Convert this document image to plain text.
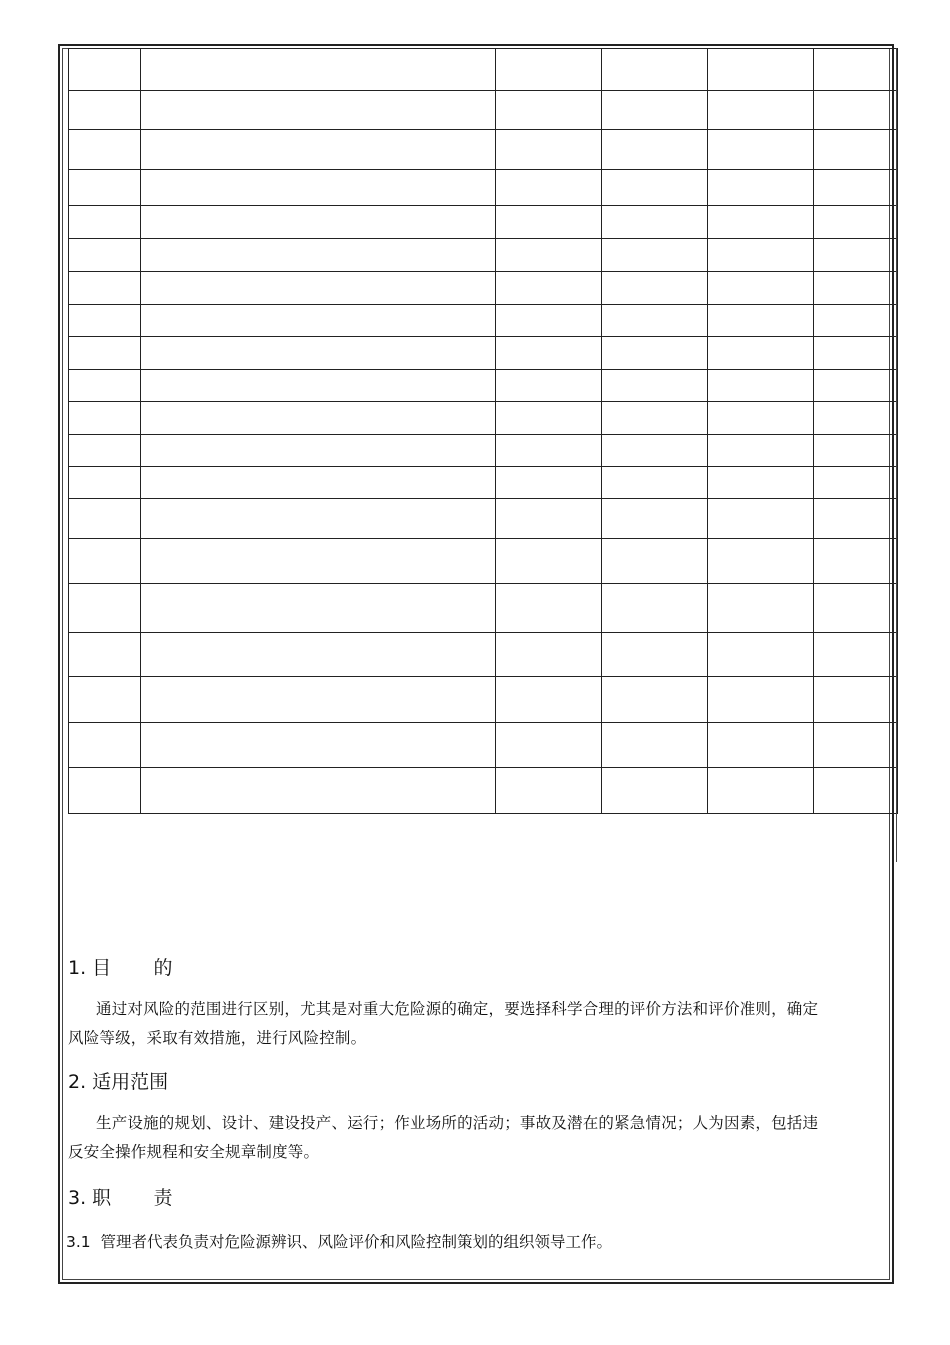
1. 目       的
通过对风险的范围进行区别，尤其是对重大危险源的确定，要选择科学合理的评价方法和评价准则，确定风险等级，采取有效措施，进行风险控制。
2. 适用范围
生产设施的规划、设计、建设投产、运行；作业场所的活动；事故及潜在的紧急情况；人为因素，包括违反安全操作规程和安全规章制度等。
3. 职       责
3.1  管理者代表负责对危险源辨识、风险评价和风险控制策划的组织领导工作。
